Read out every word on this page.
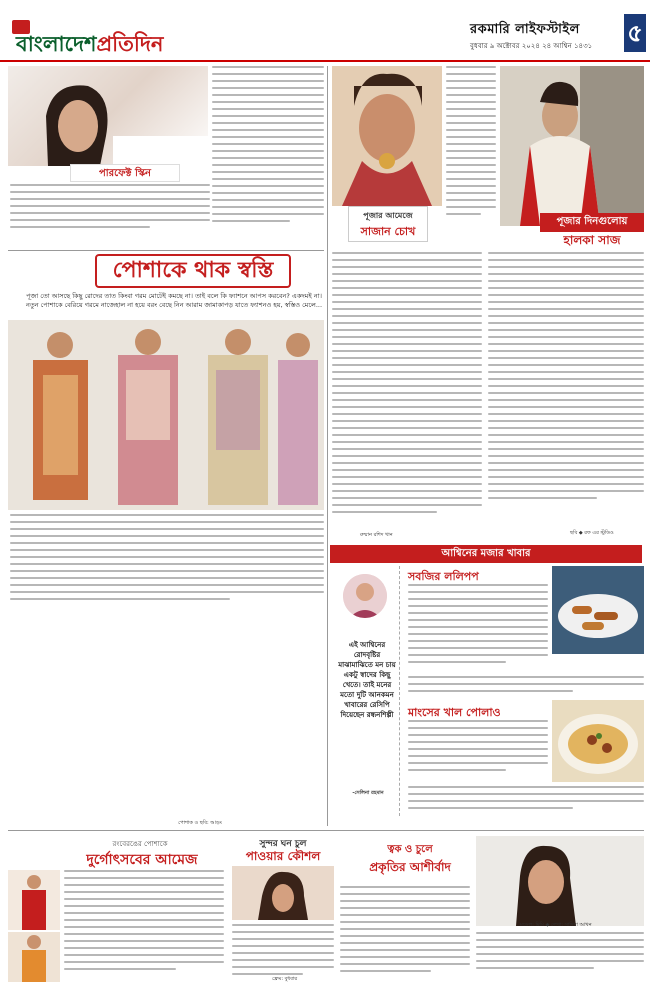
বাংলাদেশপ্রতিদিন
রকমারি লাইফস্টাইল
বুধবার ৯ অক্টোবর ২০২৪ ২৪ আশ্বিন ১৪৩১ ৫
পারফেক্ট স্কিন
পূজার আমেজে
সাজান চোখ
পূজার দিনগুলোয়
হালকা সাজ
পোশাকে থাক স্বস্তি
পূজা তো আসছে কিছু রোদের তাত কিংবা গরম মোটেই কমছে না। তাই বলে কি ফ্যাশনে আপস করবেন? একদমই না। নতুন পোশাকে বেরিয়ে গরমে নাজেহাল না হয়ে বরং বেছে নিন আরাম জামাকাপড় যাতে ফ্যাশনও হয়, স্বস্তিও মেলে...
পোশাক ও ছবি: আড়ং
রুম্মান রশিদ খান	ছবি ◆ রফ এর স্টুডিও
আশ্বিনের মজার খাবার
এই আশ্বিনের রোদবৃষ্টির মাঝামাঝিতে মন চায় একটু স্বাদের কিছু খেতে। তাই মনের মতো দুটি আনকমন খাবারের রেসিপি দিয়েছেন রন্ধনশিল্পী
-সেলিনা রহমান
সবজির ললিপপ
মাংসের খাল পোলাও
রংবেরঙের পোশাকে
দুর্গোৎসবের আমেজ
সুন্দর ঘন চুল
পাওয়ার কৌশল
ফ্রেম: বুধবার
ত্বক ও চুলে
প্রকৃতির আশীর্বাদ
মডেল: মিমি ◆ লেখা: সাদিয়া আখন
